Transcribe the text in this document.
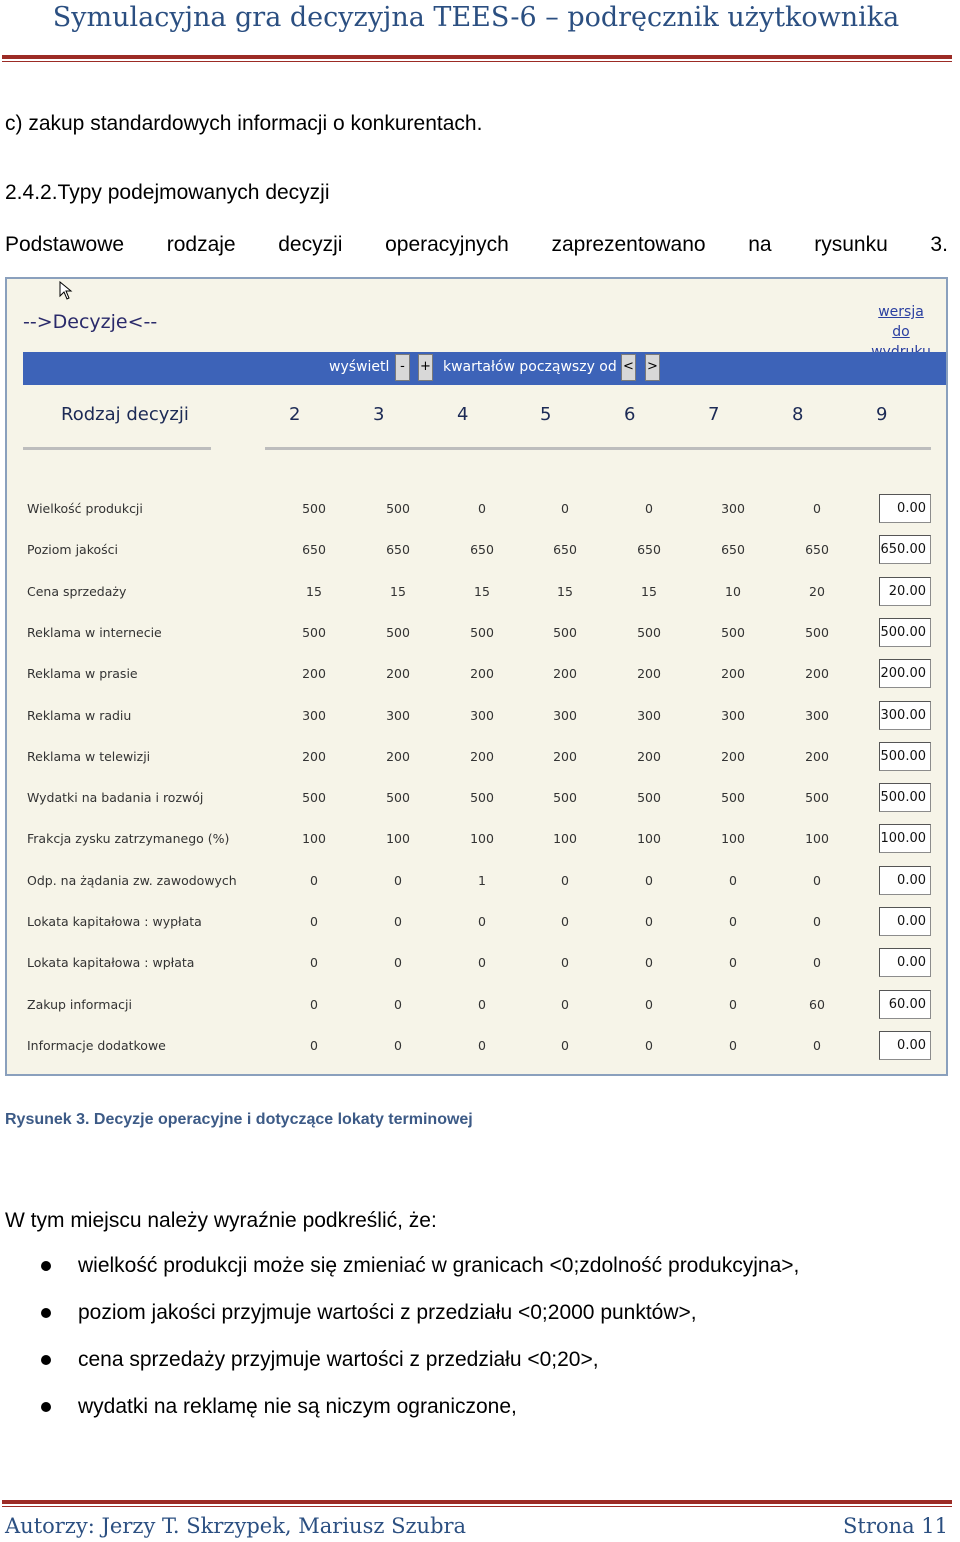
Symulacyjna gra decyzyjna TEES-6 – podręcznik użytkownika
c) zakup standardowych informacji o konkurentach.
2.4.2.Typy podejmowanych decyzji
Podstawowe rodzaje decyzji operacyjnych zaprezentowano na rysunku 3.
-->Decyzje<--	wersja do
wyświetl -	+ kwartałów począwszy od < >
Rodzaj decyzji	2	3	4	5	6	7	8	9
Wielkość produkcji	500	500	0	0	0	300	0	0.00
Poziom jakości	650	650	650	650	650	650	650	650.00
Cena sprzedaży	15	15	15	15	15	10	20	20.00
Reklama w internecie	500	500	500	500	500	500	500	500.00
Reklama w prasie	200	200	200	200	200	200	200	200.00
Reklama w radiu	300	300	300	300	300	300	300	300.00
Reklama w telewizji	200	200	200	200	200	200	200	500.00
Wydatki na badania i rozwój	500	500	500	500	500	500	500	500.00
Frakcja zysku zatrzymanego (%)	100	100	100	100	100	100	100	100.00
Odp. na żądania zw. zawodowych	0	0	1	0	0	0	0	0.00
Lokata kapitałowa : wypłata	0	0	0	0	0	0	0	0.00
Lokata kapitałowa : wpłata	0	0	0	0	0	0	0	0.00
Zakup informacji	0	0	0	0	0	0	60	60.00
Informacje dodatkowe	0	0	0	0	0	0	0	0.00
Rysunek 3. Decyzje operacyjne i dotyczące lokaty terminowej
W tym miejscu należy wyraźnie podkreślić, że:
wielkość produkcji może się zmieniać w granicach <0;zdolność produkcyjna>,
poziom jakości przyjmuje wartości z przedziału <0;2000 punktów>,
cena sprzedaży przyjmuje wartości z przedziału <0;20>,
wydatki na reklamę nie są niczym ograniczone,
Autorzy: Jerzy T. Skrzypek, Mariusz Szubra	Strona 11
